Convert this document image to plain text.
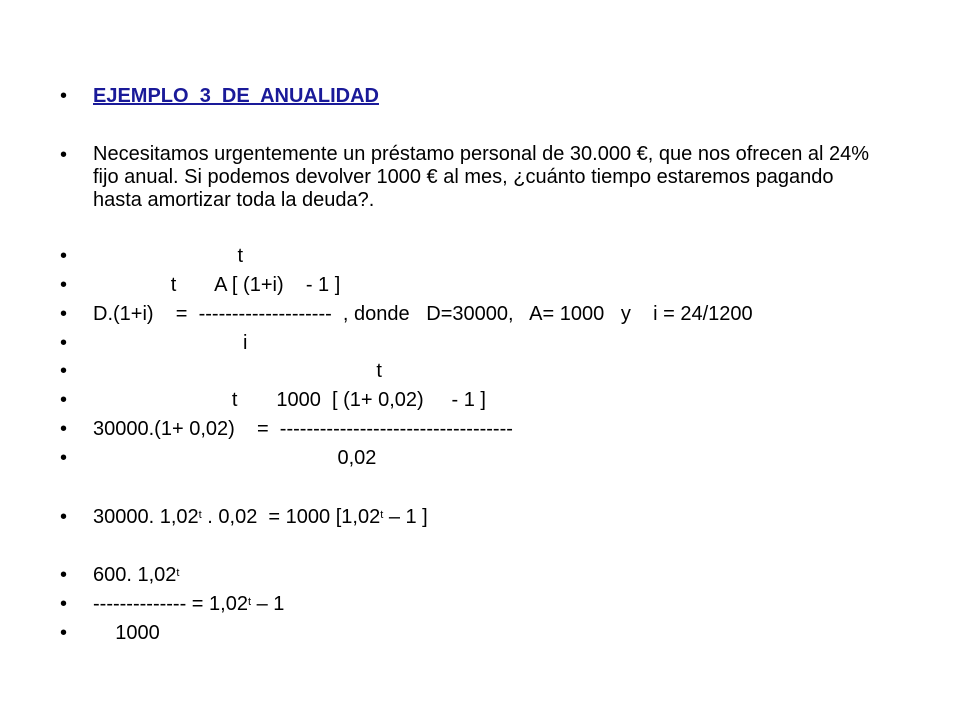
•

EJEMPLO  3  DE  ANUALIDAD

•

Necesitamos urgentemente un préstamo personal de 30.000 €, que nos ofrecen al 24% fijo anual. Si podemos devolver 1000 € al mes, ¿cuánto tiempo estaremos pagando hasta amortizar toda la deuda?.

•

t

•

t       A [ (1+i)    - 1 ]

•

D.(1+i)    =  --------------------  , donde   D=30000,   A= 1000   y    i = 24/1200

•

i

•

t

•

t       1000  [ (1+ 0,02)     - 1 ]

•

30000.(1+ 0,02)    =  -----------------------------------

•

0,02

•

30000. 1,02$^t$ . 0,02  = 1000 [1,02$^t$ – 1 ]

•

600. 1,02$^t$

•

-------------- = $1,02^t - 1$

•

1000
